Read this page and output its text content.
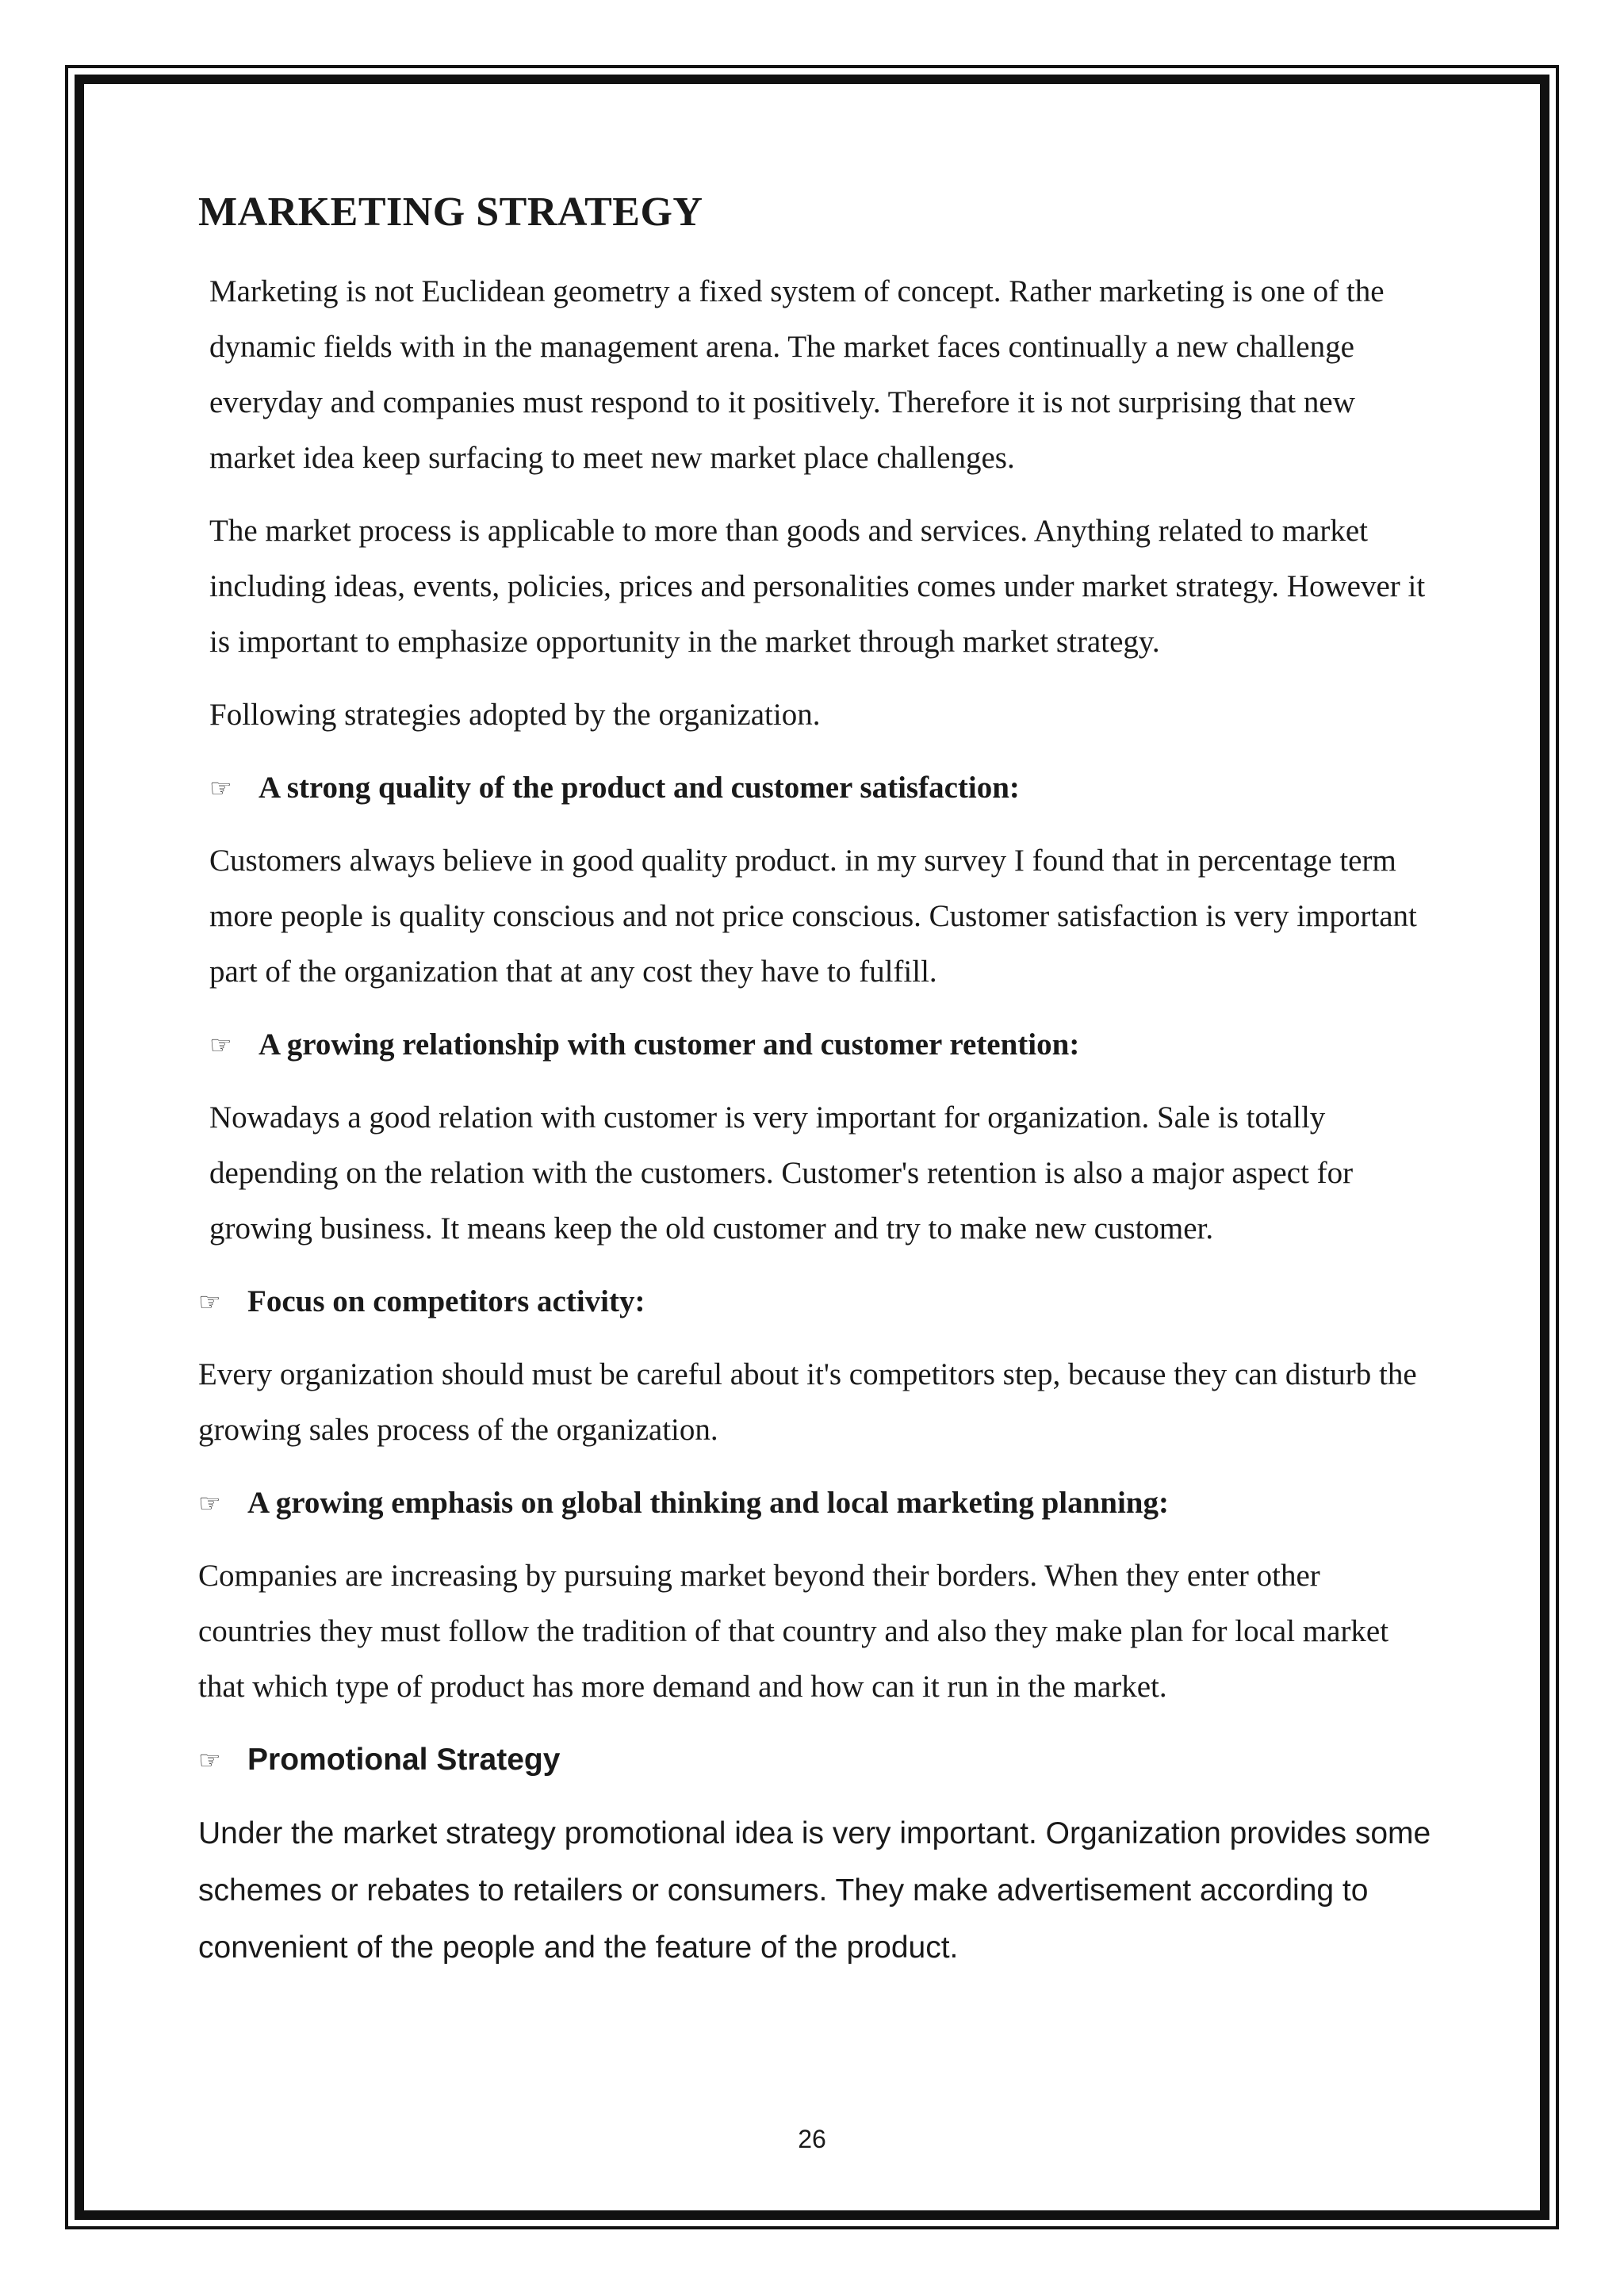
MARKETING STRATEGY

Marketing is not Euclidean geometry a fixed system of concept. Rather marketing is one of the dynamic fields with in the management arena. The market faces continually a new challenge everyday and companies must respond to it positively. Therefore it is not surprising that new market idea keep surfacing to meet new market place challenges.

The market process is applicable to more than goods and services. Anything related to market including ideas, events, policies, prices and personalities comes under market strategy. However it is important to emphasize opportunity in the market through market strategy.

Following strategies adopted by the organization.

☞ A strong quality of the product and customer satisfaction:

Customers always believe in good quality product. in my survey I found that in percentage term more people is quality conscious and not price conscious. Customer satisfaction is very important part of the organization that at any cost they have to fulfill.

☞ A growing relationship with customer and customer retention:

Nowadays a good relation with customer is very important for organization. Sale is totally depending on the relation with the customers. Customer's retention is also a major aspect for growing business. It means keep the old customer and try to make new customer.

☞ Focus on competitors activity:

Every organization should must be careful about it's competitors step, because they can disturb the growing sales process of the organization.

☞ A growing emphasis on global thinking and local marketing planning:

Companies are increasing by pursuing market beyond their borders. When they enter other countries they must follow the tradition of that country and also they make plan for local market that which type of product has more demand and how can it run in the market.

☞ Promotional Strategy

Under the market strategy promotional idea is very important. Organization provides some schemes or rebates to retailers or consumers. They make advertisement according to convenient of the people and the feature of the product.

26
